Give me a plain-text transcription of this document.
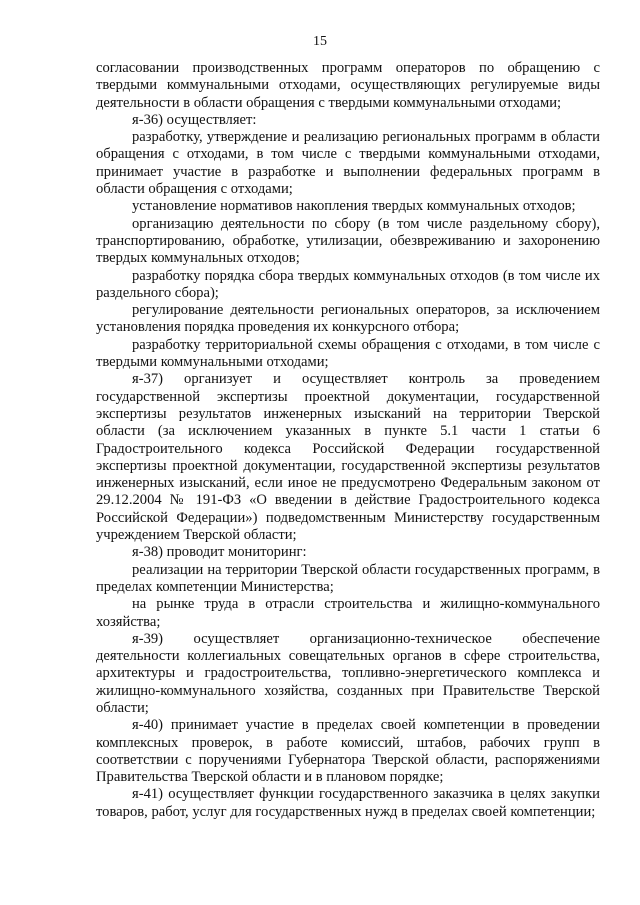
15

согласовании производственных программ операторов по обращению с твердыми коммунальными отходами, осуществляющих регулируемые виды деятельности в области обращения с твердыми коммунальными отходами;

я-36) осуществляет:

разработку, утверждение и реализацию региональных программ в области обращения с отходами, в том числе с твердыми коммунальными отходами, принимает участие в разработке и выполнении федеральных программ в области обращения с отходами;

установление нормативов накопления твердых коммунальных отходов;

организацию деятельности по сбору (в том числе раздельному сбору), транспортированию, обработке, утилизации, обезвреживанию и захоронению твердых коммунальных отходов;

разработку порядка сбора твердых коммунальных отходов (в том числе их раздельного сбора);

регулирование деятельности региональных операторов, за исключением установления порядка проведения их конкурсного отбора;

разработку территориальной схемы обращения с отходами, в том числе с твердыми коммунальными отходами;

я-37) организует и осуществляет контроль за проведением государственной экспертизы проектной документации, государственной экспертизы результатов инженерных изысканий на территории Тверской области (за исключением указанных в пункте 5.1 части 1 статьи 6 Градостроительного кодекса Российской Федерации государственной экспертизы проектной документации, государственной экспертизы результатов инженерных изысканий, если иное не предусмотрено Федеральным законом от 29.12.2004 № 191-ФЗ «О введении в действие Градостроительного кодекса Российской Федерации») подведомственным Министерству государственным учреждением Тверской области;

я-38) проводит мониторинг:

реализации на территории Тверской области государственных программ, в пределах компетенции Министерства;

на рынке труда в отрасли строительства и жилищно-коммунального хозяйства;

я-39) осуществляет организационно-техническое обеспечение деятельности коллегиальных совещательных органов в сфере строительства, архитектуры и градостроительства, топливно-энергетического комплекса и жилищно-коммунального хозяйства, созданных при Правительстве Тверской области;

я-40) принимает участие в пределах своей компетенции в проведении комплексных проверок, в работе комиссий, штабов, рабочих групп в соответствии с поручениями Губернатора Тверской области, распоряжениями Правительства Тверской области и в плановом порядке;

я-41) осуществляет функции государственного заказчика в целях закупки товаров, работ, услуг для государственных нужд в пределах своей компетенции;
